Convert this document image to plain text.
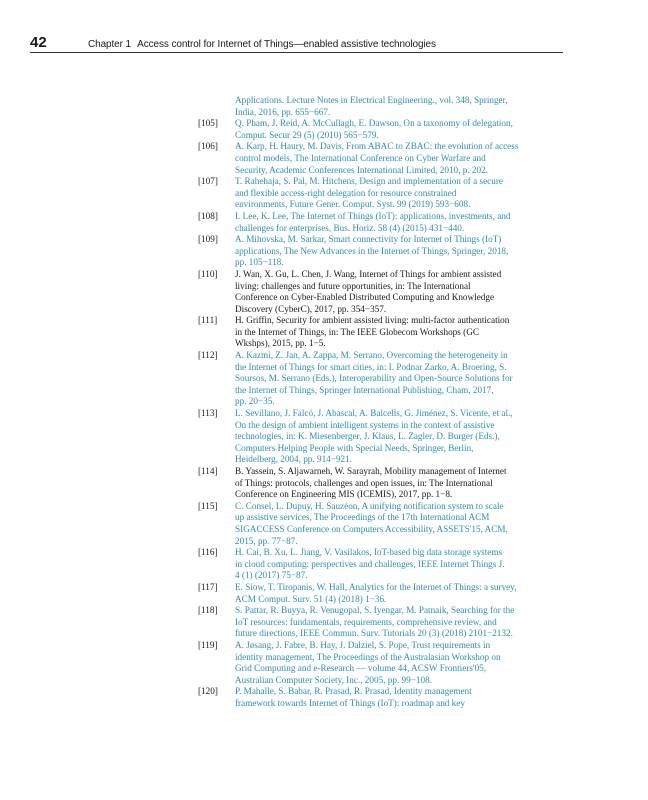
42	Chapter 1 Access control for Internet of Things—enabled assistive technologies
Applications. Lecture Notes in Electrical Engineering., vol. 348, Springer,
India, 2016, pp. 655−667.
[105]	Q. Pham, J. Reid, A. McCullagh, E. Dawson, On a taxonomy of delegation,
Comput. Secur 29 (5) (2010) 565−579.
[106]	A. Karp, H. Haury, M. Davis, From ABAC to ZBAC: the evolution of access
control models, The International Conference on Cyber Warfare and
Security, Academic Conferences International Limited, 2010, p. 202.
[107]	T. Rahehaja, S. Pal, M. Hitchens, Design and implementation of a secure
and flexible access-right delegation for resource constrained
environments, Future Gener. Comput. Syst. 99 (2019) 593−608.
[108]	I. Lee, K. Lee, The Internet of Things (IoT): applications, investments, and
challenges for enterprises, Bus. Horiz. 58 (4) (2015) 431−440.
[109]	A. Mihovska, M. Sarkar, Smart connectivity for Internet of Things (IoT)
applications, The New Advances in the Internet of Things, Springer, 2018,
pp. 105−118.
[110]	J. Wan, X. Gu, L. Chen, J. Wang, Internet of Things for ambient assisted
living: challenges and future opportunities, in: The International
Conference on Cyber-Enabled Distributed Computing and Knowledge
Discovery (CyberC), 2017, pp. 354−357.
[111]	H. Griffin, Security for ambient assisted living: multi-factor authentication
in the Internet of Things, in: The IEEE Globecom Workshops (GC
Wkshps), 2015, pp. 1−5.
[112]	A. Kazmi, Z. Jan, A. Zappa, M. Serrano, Overcoming the heterogeneity in
the Internet of Things for smart cities, in: I. Podnar Zarko, A. Broering, S.
Soursos, M. Serrano (Eds.), Interoperability and Open-Source Solutions for
the Internet of Things, Springer International Publishing, Cham, 2017,
pp. 20−35.
[113]	L. Sevillano, J. Falcó, J. Abascal, A. Balcells, G. Jiménez, S. Vicente, et al.,
On the design of ambient intelligent systems in the context of assistive
technologies, in: K. Miesenberger, J. Klaus, L. Zagler, D. Burger (Eds.),
Computers Helping People with Special Needs, Springer, Berlin,
Heidelberg, 2004, pp. 914−921.
[114]	B. Yassein, S. Aljawarneh, W. Sarayrah, Mobility management of Internet
of Things: protocols, challenges and open issues, in: The International
Conference on Engineering MIS (ICEMIS), 2017, pp. 1−8.
[115]	C. Consel, L. Dupuy, H. Sauzéon, A unifying notification system to scale
up assistive services, The Proceedings of the 17th International ACM
SIGACCESS Conference on Computers Accessibility, ASSETS'15, ACM,
2015, pp. 77−87.
[116]	H. Cai, B. Xu, L. Jiang, V. Vasilakos, IoT-based big data storage systems
in cloud computing: perspectives and challenges, IEEE Internet Things J.
4 (1) (2017) 75−87.
[117]	E. Siow, T. Tiropanis, W. Hall, Analytics for the Internet of Things: a survey,
ACM Comput. Surv. 51 (4) (2018) 1−36.
[118]	S. Pattar, R. Buyya, R. Venugopal, S. Iyengar, M. Patnaik, Searching for the
IoT resources: fundamentals, requirements, comprehensive review, and
future directions, IEEE Commun. Surv. Tutorials 20 (3) (2018) 2101−2132.
[119]	A. Jøsang, J. Fabre, B. Hay, J. Dalziel, S. Pope, Trust requirements in
identity management, The Proceedings of the Australasian Workshop on
Grid Computing and e-Research — volume 44, ACSW Frontiers'05,
Australian Computer Society, Inc., 2005, pp. 99−108.
[120]	P. Mahalle, S. Babar, R. Prasad, R. Prasad, Identity management
framework towards Internet of Things (IoT): roadmap and key
